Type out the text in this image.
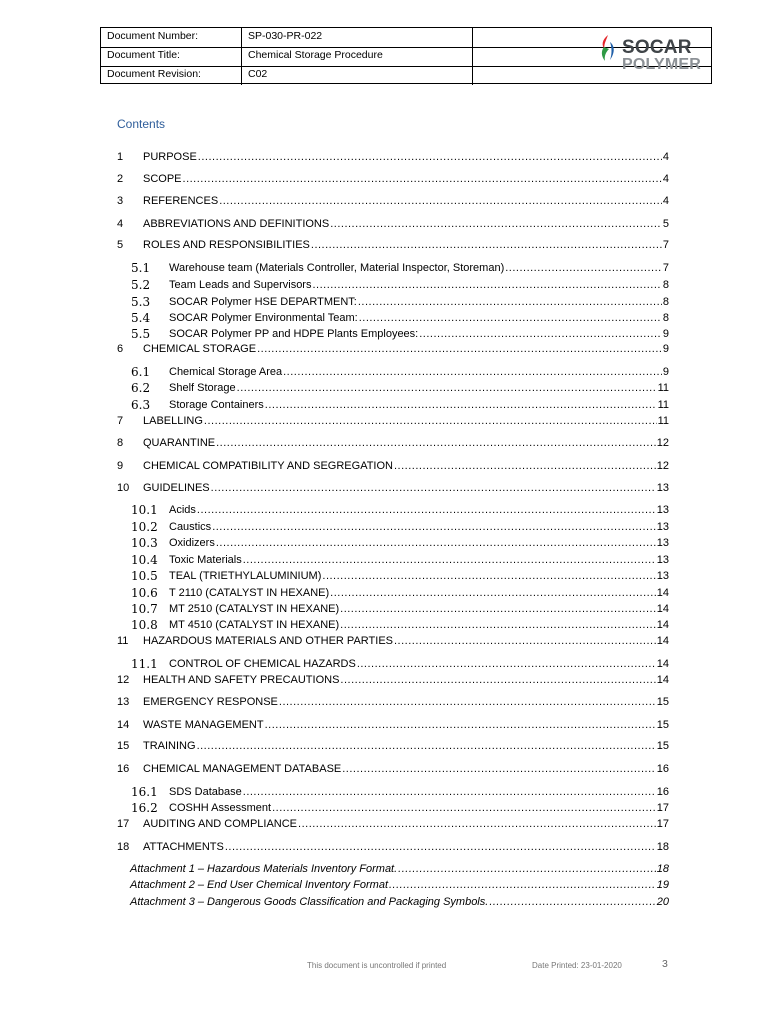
Document Number:	SP-030-PR-022
Document Title:	Chemical Storage Procedure
Document Revision:	C02
SOCAR
POLYMER
Contents
1 PURPOSE .....	4
2 SCOPE .....	4
3 REFERENCES .....	4
4 ABBREVIATIONS AND DEFINITIONS .....	5
5 ROLES AND RESPONSIBILITIES .....	7
5.1 Warehouse team (Materials Controller, Material Inspector, Storeman) .....	7
5.2 Team Leads and Supervisors .....	8
5.3 SOCAR Polymer HSE DEPARTMENT: .....	8
5.4 SOCAR Polymer Environmental Team: .....	8
5.5 SOCAR Polymer PP and HDPE Plants Employees: .....	9
6 CHEMICAL STORAGE .....	9
6.1 Chemical Storage Area .....	9
6.2 Shelf Storage .....	11
6.3 Storage Containers .....	11
7 LABELLING .....	11
8 QUARANTINE .....	12
9 CHEMICAL COMPATIBILITY AND SEGREGATION .....	12
10 GUIDELINES .....	13
10.1 Acids .....	13
10.2 Caustics .....	13
10.3 Oxidizers .....	13
10.4 Toxic Materials .....	13
10.5 TEAL (TRIETHYLALUMINIUM) .....	13
10.6 T 2110 (CATALYST IN HEXANE) .....	14
10.7 MT 2510 (CATALYST IN HEXANE) .....	14
10.8 MT 4510 (CATALYST IN HEXANE) .....	14
11 HAZARDOUS MATERIALS AND OTHER PARTIES .....	14
11.1 CONTROL OF CHEMICAL HAZARDS .....	14
12 HEALTH AND SAFETY PRECAUTIONS .....	14
13 EMERGENCY RESPONSE .....	15
14 WASTE MANAGEMENT .....	15
15 TRAINING .....	15
16 CHEMICAL MANAGEMENT DATABASE .....	16
16.1 SDS Database .....	16
16.2 COSHH Assessment .....	17
17 AUDITING AND COMPLIANCE .....	17
18 ATTACHMENTS .....	18
Attachment 1 – Hazardous Materials Inventory Format. .....	18
Attachment 2 – End User Chemical Inventory Format .....	19
Attachment 3 – Dangerous Goods Classification and Packaging Symbols. .....	20
This document is uncontrolled if printed	Date Printed: 23-01-2020	3
